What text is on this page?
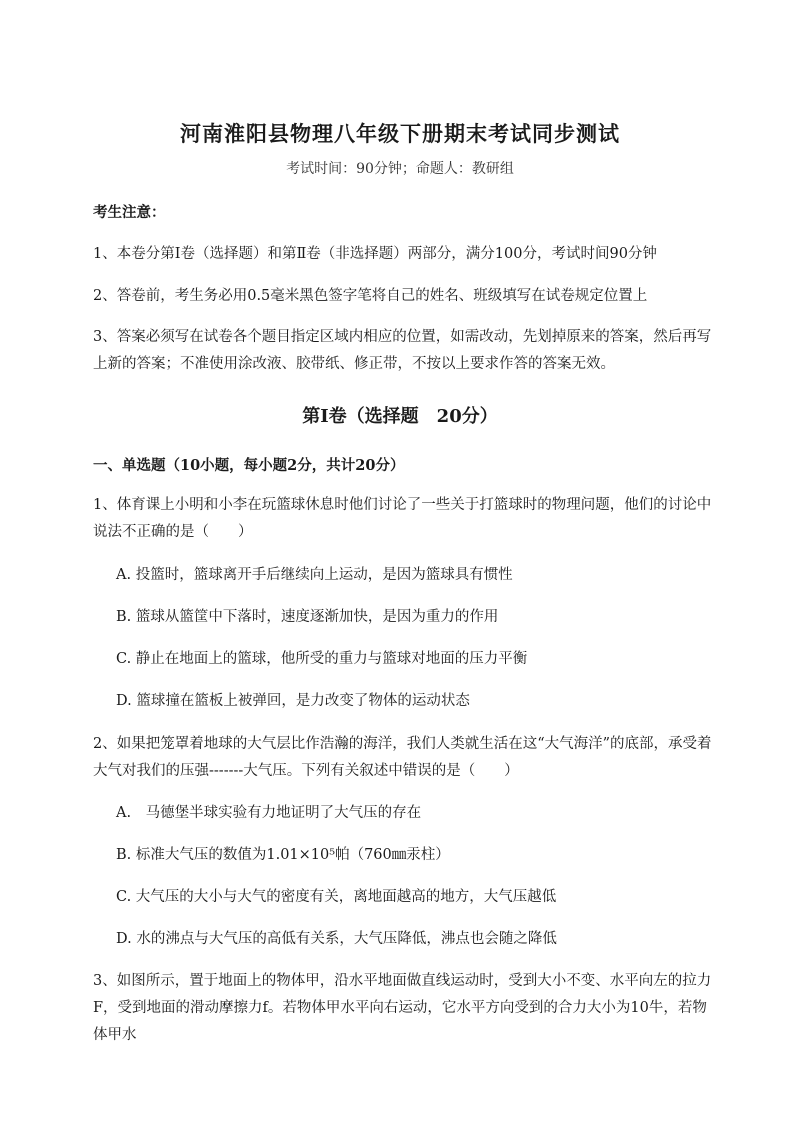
河南淮阳县物理八年级下册期末考试同步测试
考试时间：90分钟；命题人：教研组
考生注意：
1、本卷分第I卷（选择题）和第Ⅱ卷（非选择题）两部分，满分100分，考试时间90分钟
2、答卷前，考生务必用0.5毫米黑色签字笔将自己的姓名、班级填写在试卷规定位置上
3、答案必须写在试卷各个题目指定区域内相应的位置，如需改动，先划掉原来的答案，然后再写上新的答案；不准使用涂改液、胶带纸、修正带，不按以上要求作答的答案无效。
第I卷（选择题　20分）
一、单选题（10小题，每小题2分，共计20分）
1、体育课上小明和小李在玩篮球休息时他们讨论了一些关于打篮球时的物理问题，他们的讨论中说法不正确的是（　　）
A. 投篮时，篮球离开手后继续向上运动，是因为篮球具有惯性
B. 篮球从篮筐中下落时，速度逐渐加快，是因为重力的作用
C. 静止在地面上的篮球，他所受的重力与篮球对地面的压力平衡
D. 篮球撞在篮板上被弹回，是力改变了物体的运动状态
2、如果把笼罩着地球的大气层比作浩瀚的海洋，我们人类就生活在这“大气海洋”的底部，承受着大气对我们的压强-------大气压。下列有关叙述中错误的是（　　）
A.　马德堡半球实验有力地证明了大气压的存在
B. 标准大气压的数值为1.01×10⁵帕（760㎜汞柱）
C. 大气压的大小与大气的密度有关，离地面越高的地方，大气压越低
D. 水的沸点与大气压的高低有关系，大气压降低，沸点也会随之降低
3、如图所示，置于地面上的物体甲，沿水平地面做直线运动时，受到大小不变、水平向左的拉力F，受到地面的滑动摩擦力f。若物体甲水平向右运动，它水平方向受到的合力大小为10牛，若物体甲水
